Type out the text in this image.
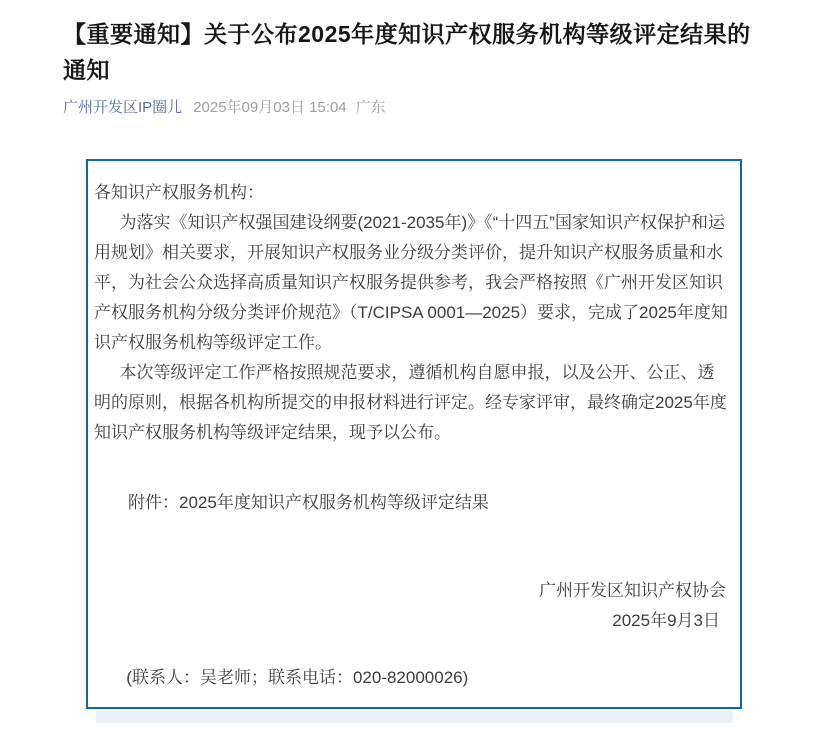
【重要通知】关于公布2025年度知识产权服务机构等级评定结果的通知
广州开发区IP圈儿 2025年09月03日 15:04 广东

各知识产权服务机构：

为落实《知识产权强国建设纲要(2021-2035年)》《“十四五”国家知识产权保护和运用规划》相关要求，开展知识产权服务业分级分类评价，提升知识产权服务质量和水平，为社会公众选择高质量知识产权服务提供参考，我会严格按照《广州开发区知识产权服务机构分级分类评价规范》（T/CIPSA 0001—2025）要求，完成了2025年度知识产权服务机构等级评定工作。

本次等级评定工作严格按照规范要求，遵循机构自愿申报，以及公开、公正、透明的原则，根据各机构所提交的申报材料进行评定。经专家评审，最终确定2025年度知识产权服务机构等级评定结果，现予以公布。

附件：2025年度知识产权服务机构等级评定结果

广州开发区知识产权协会

2025年9月3日

(联系人：吴老师；联系电话：020-82000026)
